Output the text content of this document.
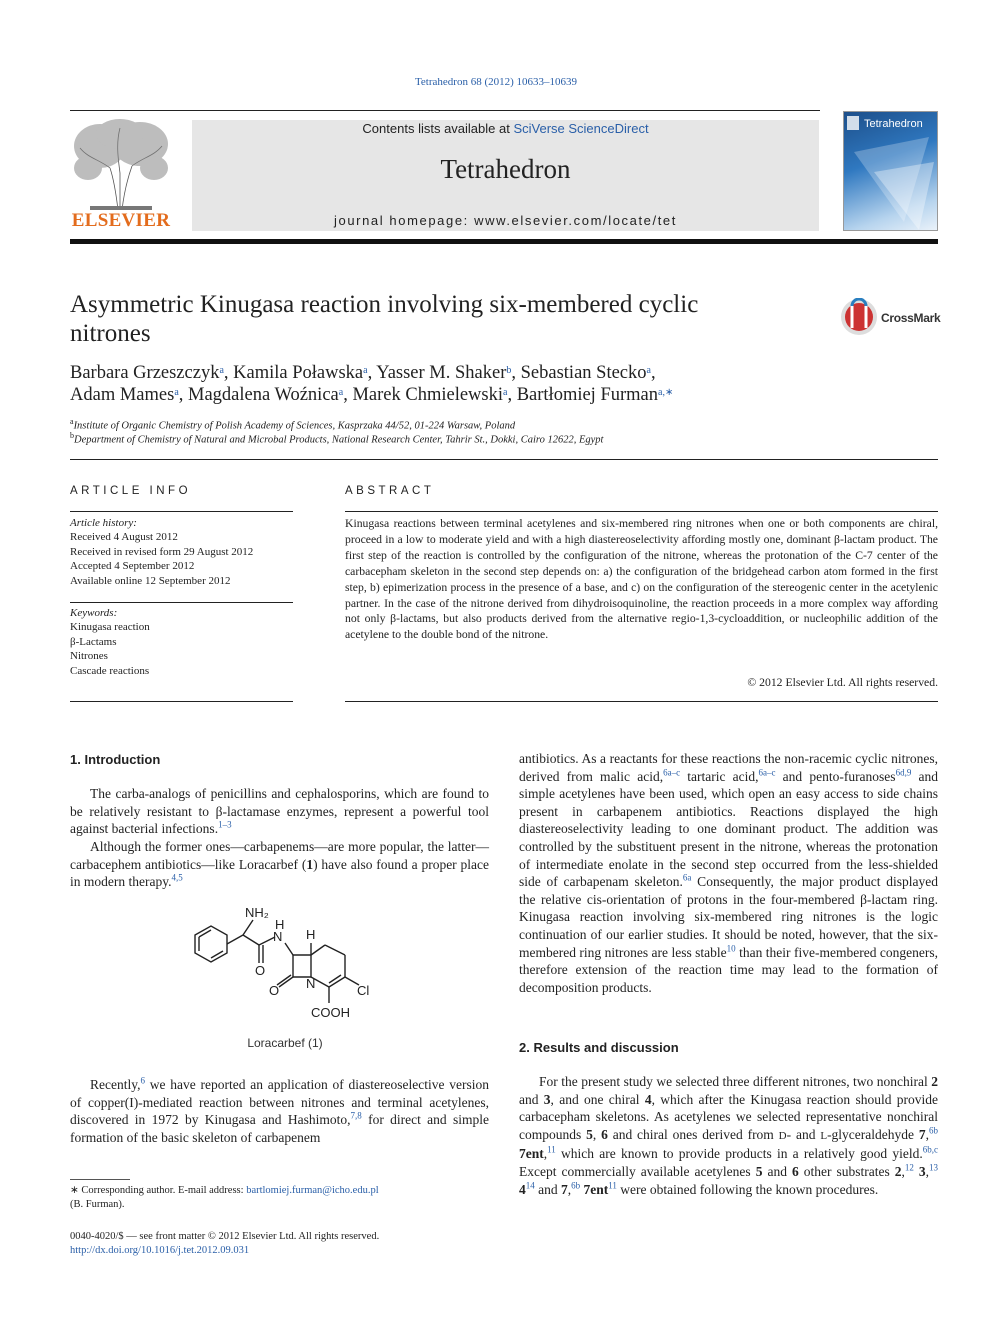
Tetrahedron 68 (2012) 10633–10639
ELSEVIER
Contents lists available at SciVerse ScienceDirect
Tetrahedron
journal homepage: www.elsevier.com/locate/tet
Tetrahedron
Asymmetric Kinugasa reaction involving six-membered cyclic nitrones
CrossMark
Barbara Grzeszczyk$^a$, Kamila Poławska$^a$, Yasser M. Shaker$^b$, Sebastian Stecko$^a$,
Adam Mames$^a$, Magdalena Woźnica$^a$, Marek Chmielewski$^a$, Bartłomiej Furman$^{a,∗}$
$^a$Institute of Organic Chemistry of Polish Academy of Sciences, Kasprzaka 44/52, 01-224 Warsaw, Poland
$^b$Department of Chemistry of Natural and Microbal Products, National Research Center, Tahrir St., Dokki, Cairo 12622, Egypt
ARTICLE INFO
Article history:
Received 4 August 2012
Received in revised form 29 August 2012
Accepted 4 September 2012
Available online 12 September 2012
Keywords:
Kinugasa reaction
β-Lactams
Nitrones
Cascade reactions
ABSTRACT
Kinugasa reactions between terminal acetylenes and six-membered ring nitrones when one or both components are chiral, proceed in a low to moderate yield and with a high diastereoselectivity affording mostly one, dominant β-lactam product. The first step of the reaction is controlled by the configuration of the nitrone, whereas the protonation of the C-7 center of the carbacepham skeleton in the second step depends on: a) the configuration of the bridgehead carbon atom formed in the first step, b) epimerization process in the presence of a base, and c) on the configuration of the stereogenic center in the acetylenic partner. In the case of the nitrone derived from dihydroisoquinoline, the reaction proceeds in a more complex way affording not only β-lactams, but also products derived from the alternative regio-1,3-cycloaddition, or nucleophilic addition of the acetylene to the double bond of the nitrone.
© 2012 Elsevier Ltd. All rights reserved.
1. Introduction
The carba-analogs of penicillins and cephalosporins, which are found to be relatively resistant to β-lactamase enzymes, represent a powerful tool against bacterial infections.$^{1-3}$
Although the former ones—carbapenems—are more popular, the latter—carbacephem antibiotics—like Loracarbef (1) have also found a proper place in modern therapy.$^{4,5}$
NH₂
N
H
H
O
O N	Cl
COOH
Loracarbef (1)
Recently,$^6$ we have reported an application of diastereoselective version of copper(I)-mediated reaction between nitrones and terminal acetylenes, discovered in 1972 by Kinugasa and Hashimoto,$^{7,8}$ for direct and simple formation of the basic skeleton of carbapenem
∗ Corresponding author. E-mail address: bartlomiej.furman@icho.edu.pl
(B. Furman).
0040-4020/$ — see front matter © 2012 Elsevier Ltd. All rights reserved.
http://dx.doi.org/10.1016/j.tet.2012.09.031
antibiotics. As a reactants for these reactions the non-racemic cyclic nitrones, derived from malic acid,$^{6a-c}$ tartaric acid,$^{6a-c}$ and pento-furanoses$^{6d,9}$ and simple acetylenes have been used, which open an easy access to side chains present in carbapenem antibiotics. Reactions displayed the high diastereoselectivity leading to one dominant product. The addition was controlled by the substituent present in the nitrone, whereas the protonation of intermediate enolate in the second step occurred from the less-shielded side of carbapenam skeleton.$^{6a}$ Consequently, the major product displayed the relative cis-orientation of protons in the four-membered β-lactam ring. Kinugasa reaction involving six-membered ring nitrones is the logic continuation of our earlier studies. It should be noted, however, that the six-membered ring nitrones are less stable$^{10}$ than their five-membered congeners, therefore extension of the reaction time may lead to the formation of decomposition products.
2. Results and discussion
For the present study we selected three different nitrones, two nonchiral 2 and 3, and one chiral 4, which after the Kinugasa reaction should provide carbacepham skeletons. As acetylenes we selected representative nonchiral compounds 5, 6 and chiral ones derived from D- and L-glyceraldehyde 7,$^{6b}$ 7ent,$^{11}$ which are known to provide products in a relatively good yield.$^{6b,c}$ Except commercially available acetylenes 5 and 6 other substrates 2,12 3,13 $4^{14}$ and 7,$^{6b}$ 7ent$^{11}$ were obtained following the known procedures.
